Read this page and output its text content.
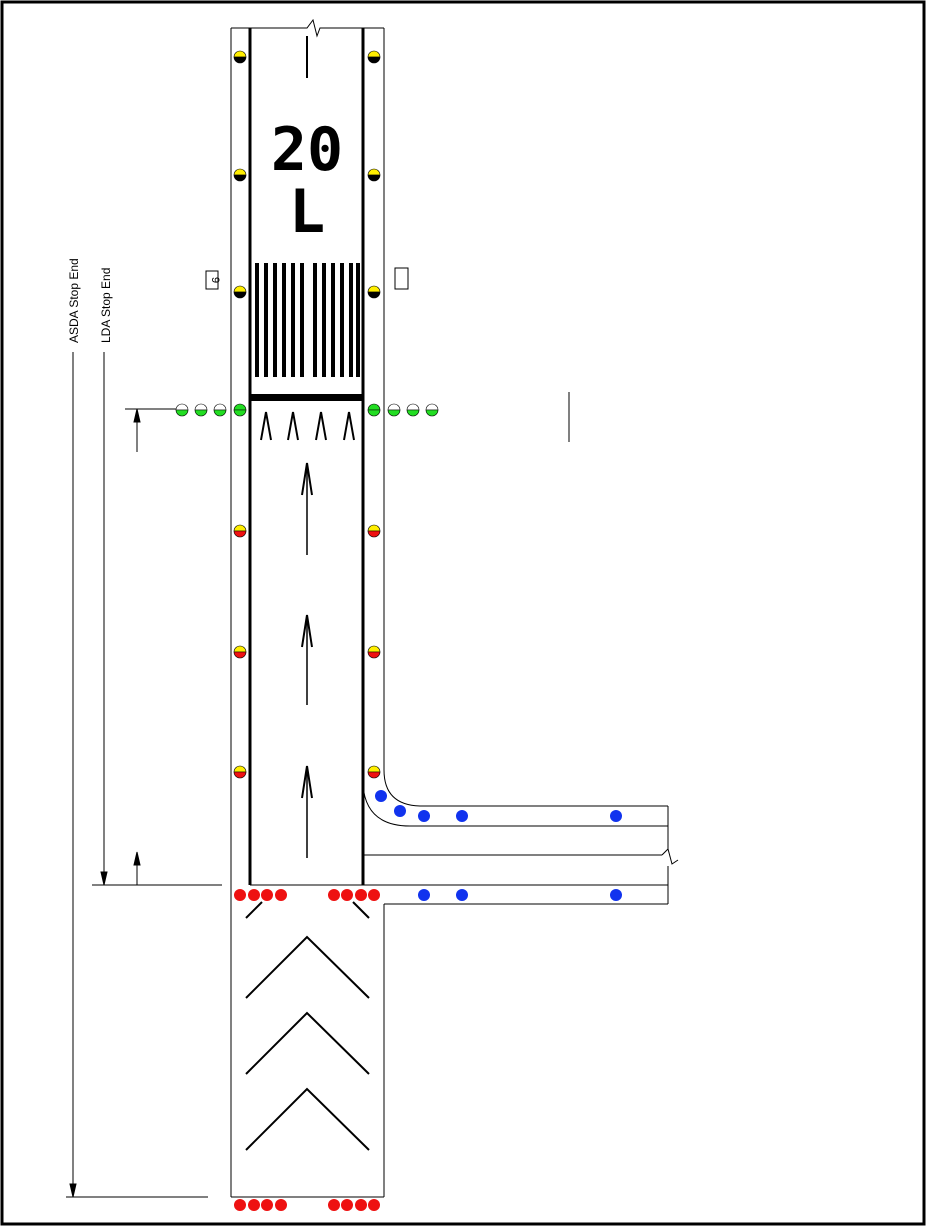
20
L
ASDA Stop End LDA Stop End	9
